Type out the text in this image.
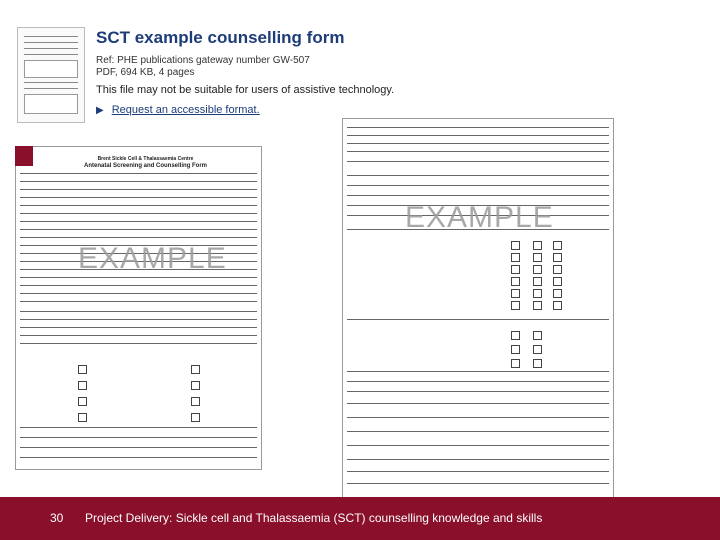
SCT example counselling form
Ref: PHE publications gateway number GW-507
PDF, 694 KB, 4 pages
This file may not be suitable for users of assistive technology.
▶ Request an accessible format.
Brent Sickle Cell & Thalassaemia Centre
Antenatal Screening and Counselling Form
EXAMPLE
EXAMPLE
30 Project Delivery: Sickle cell and Thalassaemia (SCT) counselling knowledge and skills
